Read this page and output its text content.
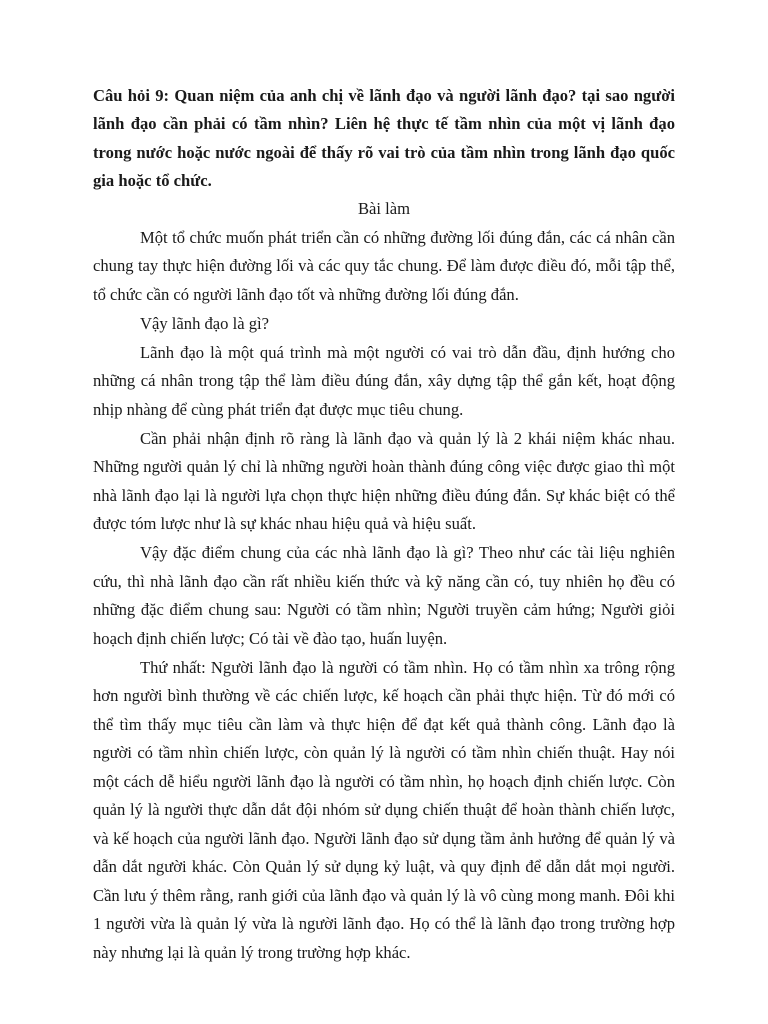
Câu hỏi 9: Quan niệm của anh chị về lãnh đạo và người lãnh đạo? tại sao người lãnh đạo cần phải có tầm nhìn? Liên hệ thực tế tầm nhìn của một vị lãnh đạo trong nước hoặc nước ngoài để thấy rõ vai trò của tầm nhìn trong lãnh đạo quốc gia hoặc tổ chức.

Bài làm

Một tổ chức muốn phát triển cần có những đường lối đúng đắn, các cá nhân cần chung tay thực hiện đường lối và các quy tắc chung. Để làm được điều đó, mỗi tập thể, tổ chức cần có người lãnh đạo tốt và những đường lối đúng đắn.

Vậy lãnh đạo là gì?

Lãnh đạo là một quá trình mà một người có vai trò dẫn đầu, định hướng cho những cá nhân trong tập thể làm điều đúng đắn, xây dựng tập thể gắn kết, hoạt động nhịp nhàng để cùng phát triển đạt được mục tiêu chung.

Cần phải nhận định rõ ràng là lãnh đạo và quản lý là 2 khái niệm khác nhau. Những người quản lý chỉ là những người hoàn thành đúng công việc được giao thì một nhà lãnh đạo lại là người lựa chọn thực hiện những điều đúng đắn. Sự khác biệt có thể được tóm lược như là sự khác nhau hiệu quả và hiệu suất.

Vậy đặc điểm chung của các nhà lãnh đạo là gì? Theo như các tài liệu nghiên cứu, thì nhà lãnh đạo cần rất nhiều kiến thức và kỹ năng cần có, tuy nhiên họ đều có những đặc điểm chung sau: Người có tầm nhìn; Người truyền cảm hứng; Người giỏi hoạch định chiến lược; Có tài về đào tạo, huấn luyện.

Thứ nhất: Người lãnh đạo là người có tầm nhìn. Họ có tầm nhìn xa trông rộng hơn người bình thường về các chiến lược, kế hoạch cần phải thực hiện. Từ đó mới có thể tìm thấy mục tiêu cần làm và thực hiện để đạt kết quả thành công. Lãnh đạo là người có tầm nhìn chiến lược, còn quản lý là người có tầm nhìn chiến thuật. Hay nói một cách dễ hiểu người lãnh đạo là người có tầm nhìn, họ hoạch định chiến lược. Còn quản lý là người thực dẫn dắt đội nhóm sử dụng chiến thuật để hoàn thành chiến lược, và kế hoạch của người lãnh đạo. Người lãnh đạo sử dụng tầm ảnh hưởng để quản lý và dẫn dắt người khác. Còn Quản lý sử dụng kỷ luật, và quy định để dẫn dắt mọi người. Cần lưu ý thêm rằng, ranh giới của lãnh đạo và quản lý là vô cùng mong manh. Đôi khi 1 người vừa là quản lý vừa là người lãnh đạo. Họ có thể là lãnh đạo trong trường hợp này nhưng lại là quản lý trong trường hợp khác.
